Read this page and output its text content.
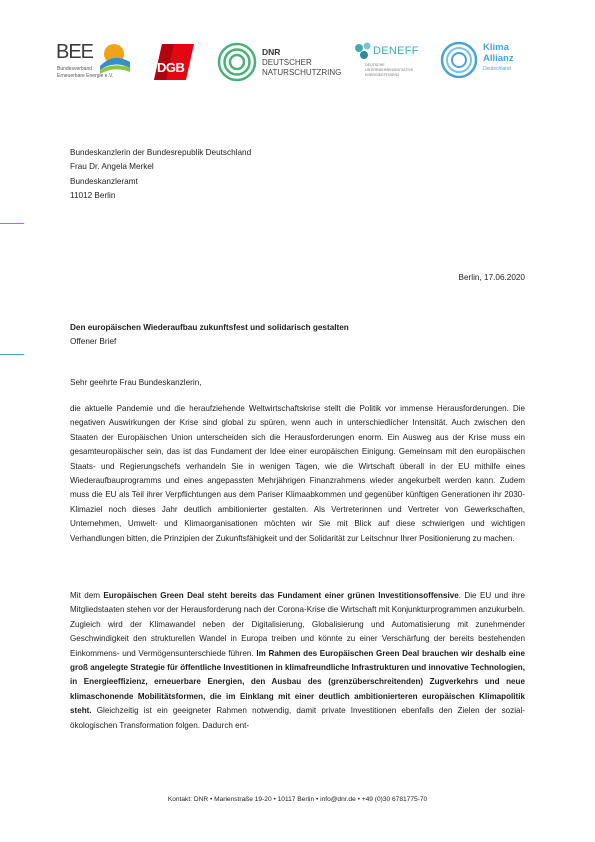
BEE
Bundesverband
Erneuerbare Energie e.V.
DGB
DNR
DEUTSCHER
NATURSCHUTZRING
DENEFF
DEUTSCHE
UNTERNEHMENSINITIATIVE
ENERGIEEFFIZIENZ
Klima
Allianz
Deutschland
Bundeskanzlerin der Bundesrepublik Deutschland
Frau Dr. Angela Merkel
Bundeskanzleramt
11012 Berlin
Berlin, 17.06.2020
Den europäischen Wiederaufbau zukunftsfest und solidarisch gestalten
Offener Brief
Sehr geehrte Frau Bundeskanzlerin,
die aktuelle Pandemie und die heraufziehende Weltwirtschaftskrise stellt die Politik vor immense Herausforderungen. Die negativen Auswirkungen der Krise sind global zu spüren, wenn auch in unterschiedlicher Intensität. Auch zwischen den Staaten der Europäischen Union unterscheiden sich die Herausforderungen enorm. Ein Ausweg aus der Krise muss ein gesamteuropäischer sein, das ist das Fundament der Idee einer europäischen Einigung. Gemeinsam mit den europäischen Staats- und Regierungschefs verhandeln Sie in wenigen Tagen, wie die Wirtschaft überall in der EU mithilfe eines Wiederaufbauprogramms und eines angepassten Mehrjährigen Finanzrahmens wieder angekurbelt werden kann. Zudem muss die EU als Teil ihrer Verpflichtungen aus dem Pariser Klimaabkommen und gegenüber künftigen Generationen ihr 2030-Klimaziel noch dieses Jahr deutlich ambitionierter gestalten. Als Vertreterinnen und Vertreter von Gewerkschaften, Unternehmen, Umwelt- und Klimaorganisationen möchten wir Sie mit Blick auf diese schwierigen und wichtigen Verhandlungen bitten, die Prinzipien der Zukunftsfähigkeit und der Solidarität zur Leitschnur Ihrer Positionierung zu machen.
Mit dem Europäischen Green Deal steht bereits das Fundament einer grünen Investitionsoffensive. Die EU und ihre Mitgliedstaaten stehen vor der Herausforderung nach der Corona-Krise die Wirtschaft mit Konjunkturprogrammen anzukurbeln. Zugleich wird der Klimawandel neben der Digitalisierung, Globalisierung und Automatisierung mit zunehmender Geschwindigkeit den strukturellen Wandel in Europa treiben und könnte zu einer Verschärfung der bereits bestehenden Einkommens- und Vermögensunterschiede führen. Im Rahmen des Europäischen Green Deal brauchen wir deshalb eine groß angelegte Strategie für öffentliche Investitionen in klimafreundliche Infrastrukturen und innovative Technologien, in Energieeffizienz, erneuerbare Energien, den Ausbau des (grenzüberschreitenden) Zugverkehrs und neue klimaschonende Mobilitätsformen, die im Einklang mit einer deutlich ambitionierteren europäischen Klimapolitik steht. Gleichzeitig ist ein geeigneter Rahmen notwendig, damit private Investitionen ebenfalls den Zielen der sozial-ökologischen Transformation folgen. Dadurch ent-
Kontakt: DNR • Marienstraße 19-20 • 10117 Berlin • info@dnr.de • +49 (0)30 6781775-70
